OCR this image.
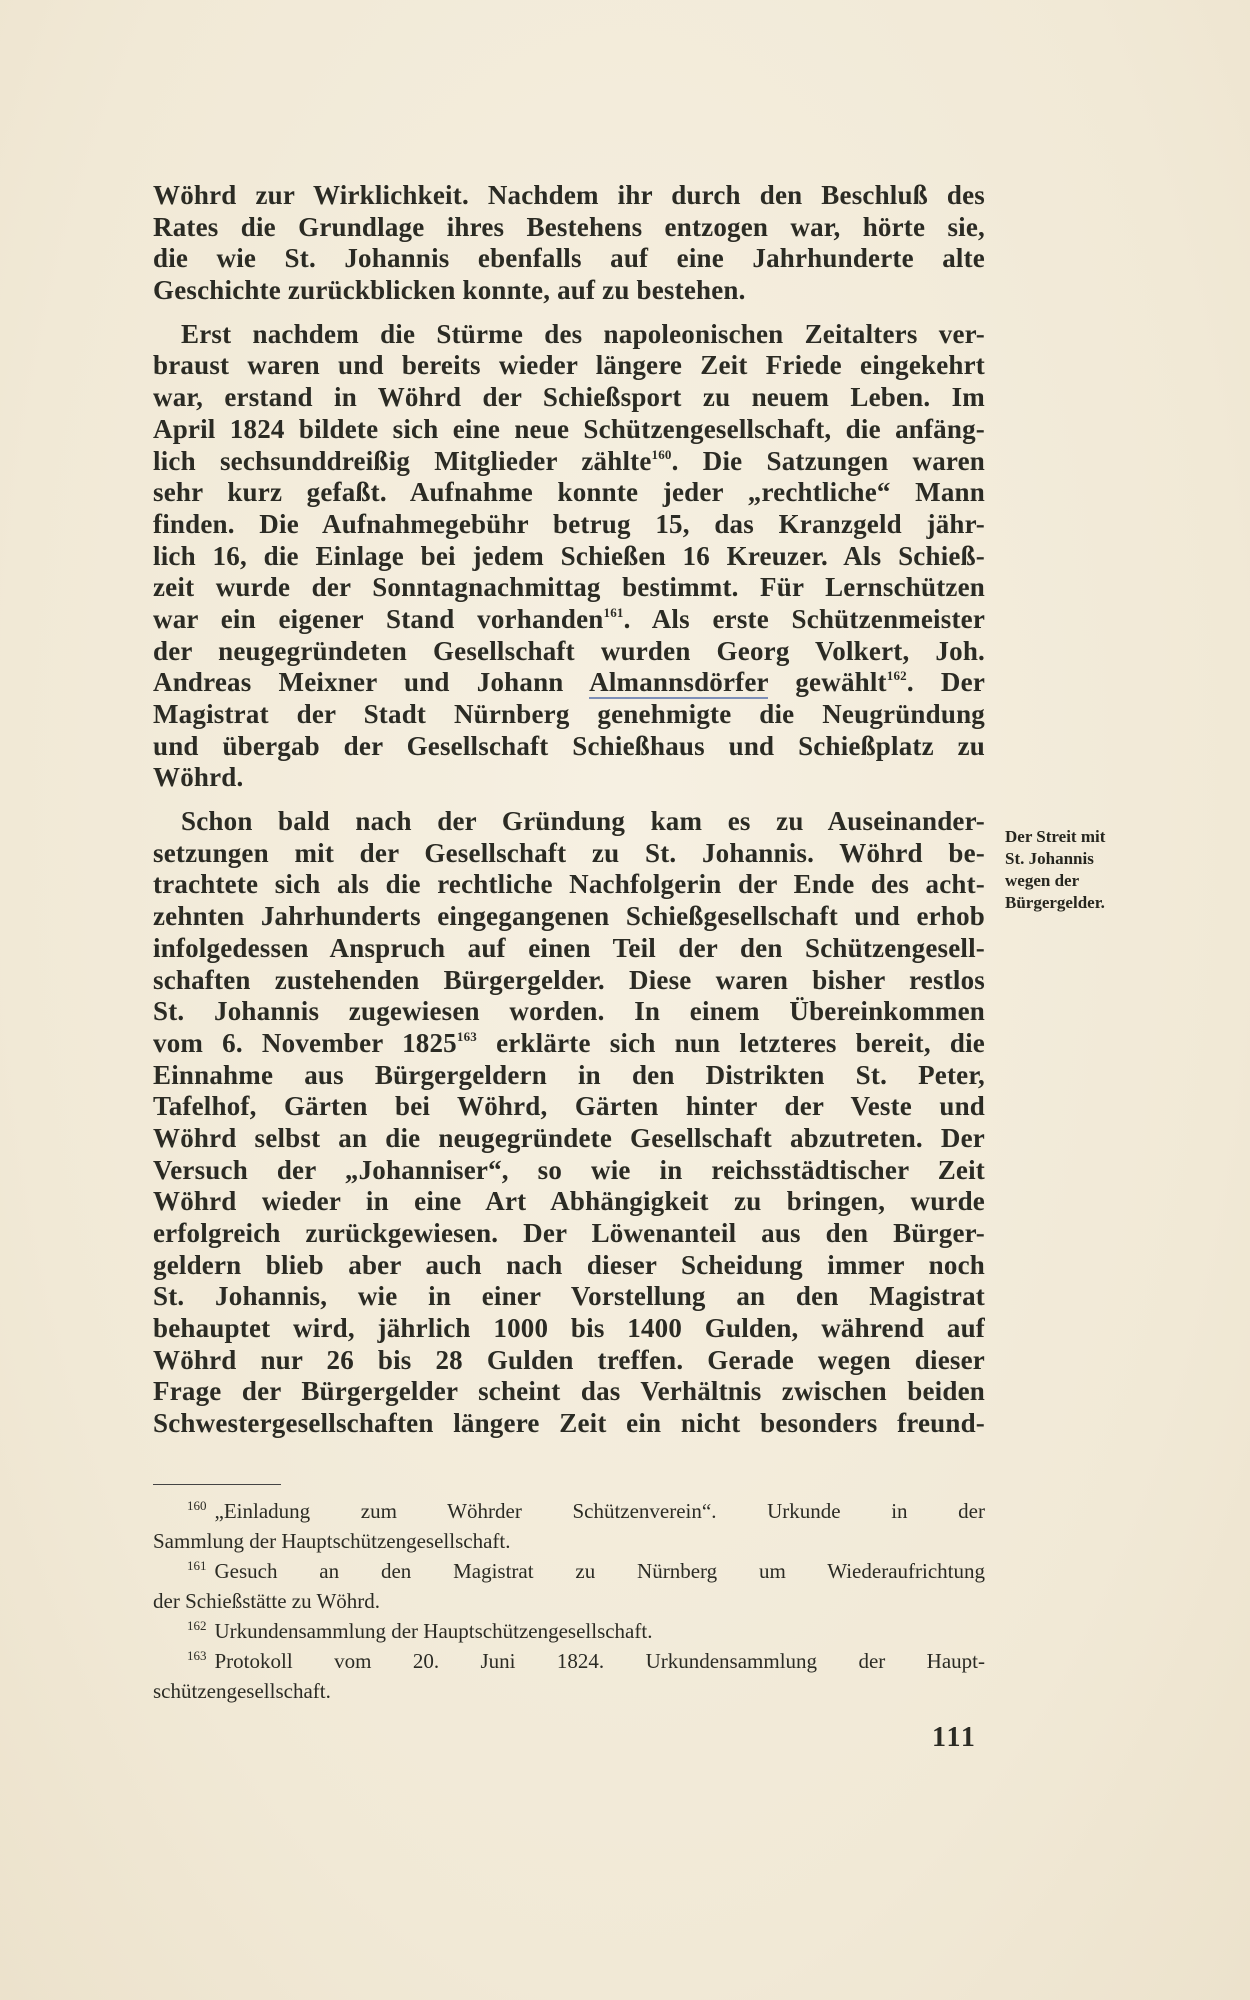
Wöhrd zur Wirklichkeit. Nachdem ihr durch den Beschluß des
Rates die Grundlage ihres Bestehens entzogen war, hörte sie,
die wie St. Johannis ebenfalls auf eine Jahrhunderte alte
Geschichte zurückblicken konnte, auf zu bestehen.
Erst nachdem die Stürme des napoleonischen Zeitalters ver-
braust waren und bereits wieder längere Zeit Friede eingekehrt
war, erstand in Wöhrd der Schießsport zu neuem Leben. Im
April 1824 bildete sich eine neue Schützengesellschaft, die anfäng-
lich sechsunddreißig Mitglieder zählte$^{160}$. Die Satzungen waren
sehr kurz gefaßt. Aufnahme konnte jeder „rechtliche“ Mann
finden. Die Aufnahmegebühr betrug 15, das Kranzgeld jähr-
lich 16, die Einlage bei jedem Schießen 16 Kreuzer. Als Schieß-
zeit wurde der Sonntagnachmittag bestimmt. Für Lernschützen
war ein eigener Stand vorhanden$^{161}$. Als erste Schützenmeister
der neugegründeten Gesellschaft wurden Georg Volkert, Joh.
Andreas Meixner und Johann Almannsdörfer gewählt$^{162}$. Der
Magistrat der Stadt Nürnberg genehmigte die Neugründung
und übergab der Gesellschaft Schießhaus und Schießplatz zu
Wöhrd.
Schon bald nach der Gründung kam es zu Auseinander-
setzungen mit der Gesellschaft zu St. Johannis. Wöhrd be-
trachtete sich als die rechtliche Nachfolgerin der Ende des acht-
zehnten Jahrhunderts eingegangenen Schießgesellschaft und erhob
infolgedessen Anspruch auf einen Teil der den Schützengesell-
schaften zustehenden Bürgergelder. Diese waren bisher restlos
St. Johannis zugewiesen worden. In einem Übereinkommen
vom 6. November 1825$^{163}$ erklärte sich nun letzteres bereit, die
Einnahme aus Bürgergeldern in den Distrikten St. Peter,
Tafelhof, Gärten bei Wöhrd, Gärten hinter der Veste und
Wöhrd selbst an die neugegründete Gesellschaft abzutreten. Der
Versuch der „Johanniser“, so wie in reichsstädtischer Zeit
Wöhrd wieder in eine Art Abhängigkeit zu bringen, wurde
erfolgreich zurückgewiesen. Der Löwenanteil aus den Bürger-
geldern blieb aber auch nach dieser Scheidung immer noch
St. Johannis, wie in einer Vorstellung an den Magistrat
behauptet wird, jährlich 1000 bis 1400 Gulden, während auf
Wöhrd nur 26 bis 28 Gulden treffen. Gerade wegen dieser
Frage der Bürgergelder scheint das Verhältnis zwischen beiden
Schwestergesellschaften längere Zeit ein nicht besonders freund-
Der Streit mit
St. Johannis
wegen der
Bürgergelder.
$^{160}$ „Einladung zum Wöhrder Schützenverein“. Urkunde in der
Sammlung der Hauptschützengesellschaft.
$^{161}$ Gesuch an den Magistrat zu Nürnberg um Wiederaufrichtung
der Schießstätte zu Wöhrd.
$^{162}$ Urkundensammlung der Hauptschützengesellschaft.
$^{163}$ Protokoll vom 20. Juni 1824. Urkundensammlung der Haupt-
schützengesellschaft.
111
